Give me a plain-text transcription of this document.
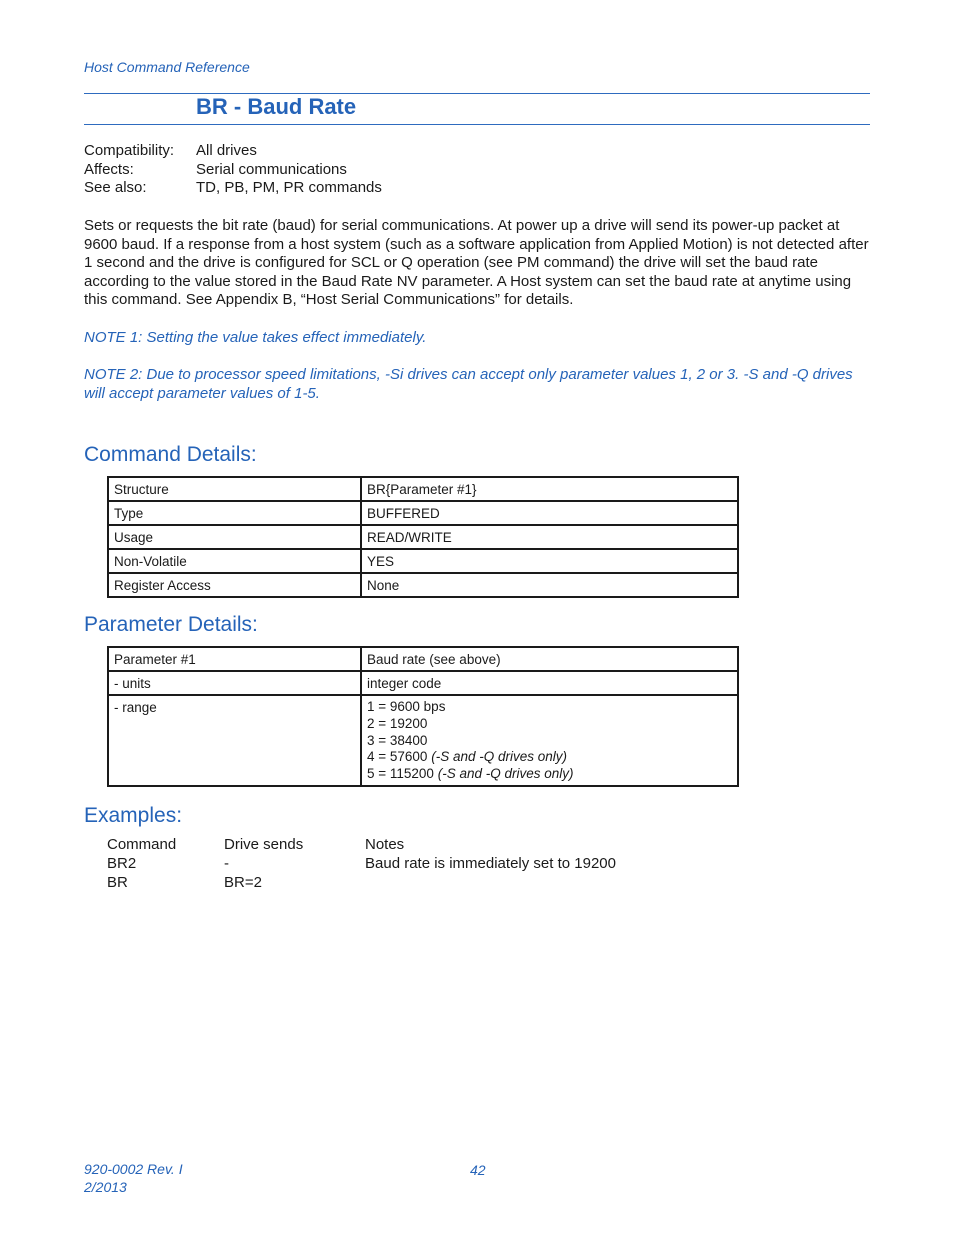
Host Command Reference
BR - Baud Rate
Compatibility:	All drives
Affects:	Serial communications
See also:	TD, PB, PM, PR commands
Sets or requests the bit rate (baud) for serial communications. At power up a drive will send its power-up packet at 9600 baud. If a response from a host system (such as a software application from Applied Motion) is not detected after 1 second and the drive is configured for SCL or Q operation (see PM command) the drive will set the baud rate according to the value stored in the Baud Rate NV parameter. A Host system can set the baud rate at anytime using this command. See Appendix B, “Host Serial Communications” for details.
NOTE 1: Setting the value takes effect immediately.
NOTE 2: Due to processor speed limitations, -Si drives can accept only parameter values 1, 2 or 3. -S and -Q drives will accept parameter values of 1-5.
Command Details:
Structure	BR{Parameter #1}
Type	BUFFERED
Usage	READ/WRITE
Non-Volatile	YES
Register Access	None
Parameter Details:
Parameter #1	Baud rate (see above)
- units	integer code
- range	1 = 9600 bps
2 = 19200
3 = 38400
4 = 57600 (-S and -Q drives only)
5 = 115200 (-S and -Q drives only)
Examples:
Command	Drive sends	Notes
BR2	-	Baud rate is immediately set to 19200
BR	BR=2
920-0002 Rev. I
2/2013
42
